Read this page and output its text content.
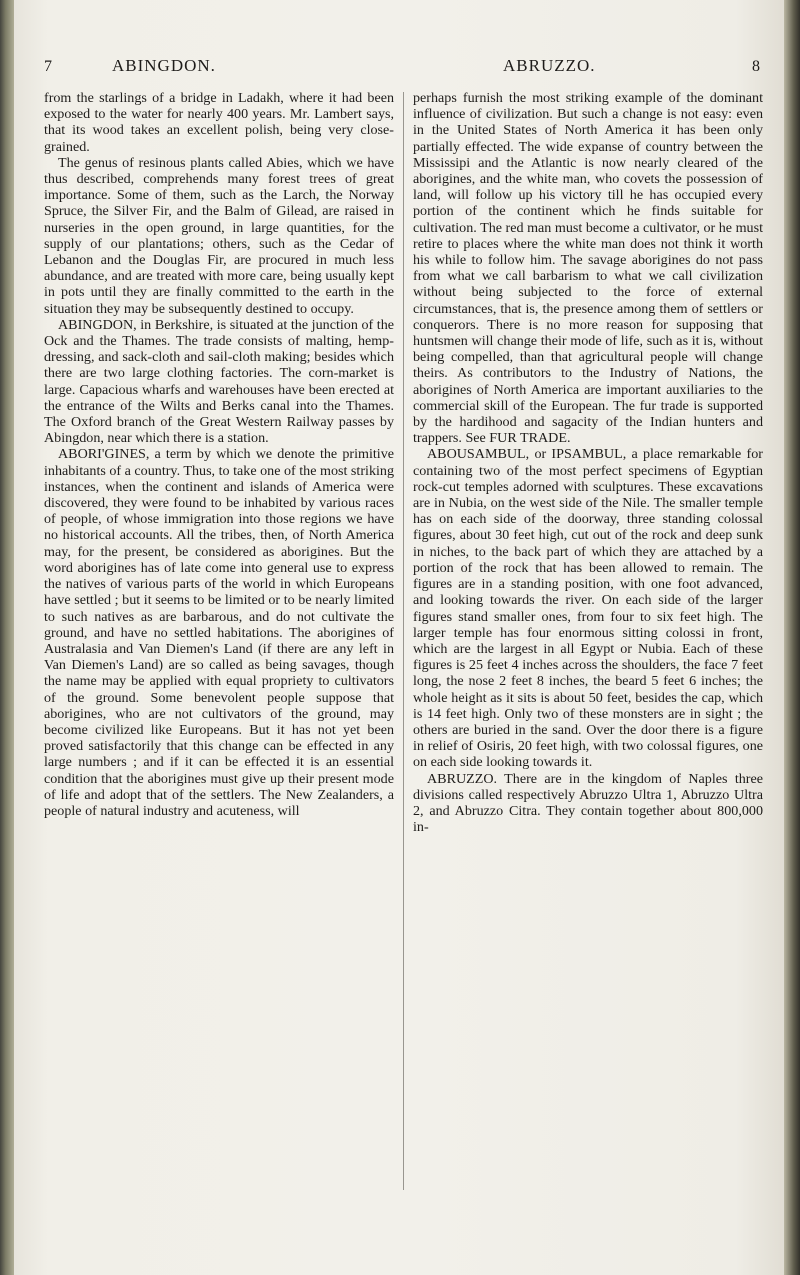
7	ABINGDON.	ABRUZZO.	8

from the starlings of a bridge in Ladakh, where it had been exposed to the water for nearly 400 years. Mr. Lambert says, that its wood takes an excellent polish, being very close-grained.

The genus of resinous plants called Abies, which we have thus described, comprehends many forest trees of great importance. Some of them, such as the Larch, the Norway Spruce, the Silver Fir, and the Balm of Gilead, are raised in nurseries in the open ground, in large quantities, for the supply of our plantations; others, such as the Cedar of Lebanon and the Douglas Fir, are procured in much less abundance, and are treated with more care, being usually kept in pots until they are finally committed to the earth in the situation they may be subsequently destined to occupy.

ABINGDON, in Berkshire, is situated at the junction of the Ock and the Thames. The trade consists of malting, hemp-dressing, and sack-cloth and sail-cloth making; besides which there are two large clothing factories. The corn-market is large. Capacious wharfs and warehouses have been erected at the entrance of the Wilts and Berks canal into the Thames. The Oxford branch of the Great Western Railway passes by Abingdon, near which there is a station.

ABORI'GINES, a term by which we denote the primitive inhabitants of a country. Thus, to take one of the most striking instances, when the continent and islands of America were discovered, they were found to be inhabited by various races of people, of whose immigration into those regions we have no historical accounts. All the tribes, then, of North America may, for the present, be considered as aborigines. But the word aborigines has of late come into general use to express the natives of various parts of the world in which Europeans have settled ; but it seems to be limited or to be nearly limited to such natives as are barbarous, and do not cultivate the ground, and have no settled habitations. The aborigines of Australasia and Van Diemen's Land (if there are any left in Van Diemen's Land) are so called as being savages, though the name may be applied with equal propriety to cultivators of the ground. Some benevolent people suppose that aborigines, who are not cultivators of the ground, may become civilized like Europeans. But it has not yet been proved satisfactorily that this change can be effected in any large numbers ; and if it can be effected it is an essential condition that the aborigines must give up their present mode of life and adopt that of the settlers. The New Zealanders, a people of natural industry and acuteness, will

perhaps furnish the most striking example of the dominant influence of civilization. But such a change is not easy: even in the United States of North America it has been only partially effected. The wide expanse of country between the Mississipi and the Atlantic is now nearly cleared of the aborigines, and the white man, who covets the possession of land, will follow up his victory till he has occupied every portion of the continent which he finds suitable for cultivation. The red man must become a cultivator, or he must retire to places where the white man does not think it worth his while to follow him. The savage aborigines do not pass from what we call barbarism to what we call civilization without being subjected to the force of external circumstances, that is, the presence among them of settlers or conquerors. There is no more reason for supposing that huntsmen will change their mode of life, such as it is, without being compelled, than that agricultural people will change theirs. As contributors to the Industry of Nations, the aborigines of North America are important auxiliaries to the commercial skill of the European. The fur trade is supported by the hardihood and sagacity of the Indian hunters and trappers. See FUR TRADE.

ABOUSAMBUL, or IPSAMBUL, a place remarkable for containing two of the most perfect specimens of Egyptian rock-cut temples adorned with sculptures. These excavations are in Nubia, on the west side of the Nile. The smaller temple has on each side of the doorway, three standing colossal figures, about 30 feet high, cut out of the rock and deep sunk in niches, to the back part of which they are attached by a portion of the rock that has been allowed to remain. The figures are in a standing position, with one foot advanced, and looking towards the river. On each side of the larger figures stand smaller ones, from four to six feet high. The larger temple has four enormous sitting colossi in front, which are the largest in all Egypt or Nubia. Each of these figures is 25 feet 4 inches across the shoulders, the face 7 feet long, the nose 2 feet 8 inches, the beard 5 feet 6 inches; the whole height as it sits is about 50 feet, besides the cap, which is 14 feet high. Only two of these monsters are in sight ; the others are buried in the sand. Over the door there is a figure in relief of Osiris, 20 feet high, with two colossal figures, one on each side looking towards it.

ABRUZZO. There are in the kingdom of Naples three divisions called respectively Abruzzo Ultra 1, Abruzzo Ultra 2, and Abruzzo Citra. They contain together about 800,000 in-
